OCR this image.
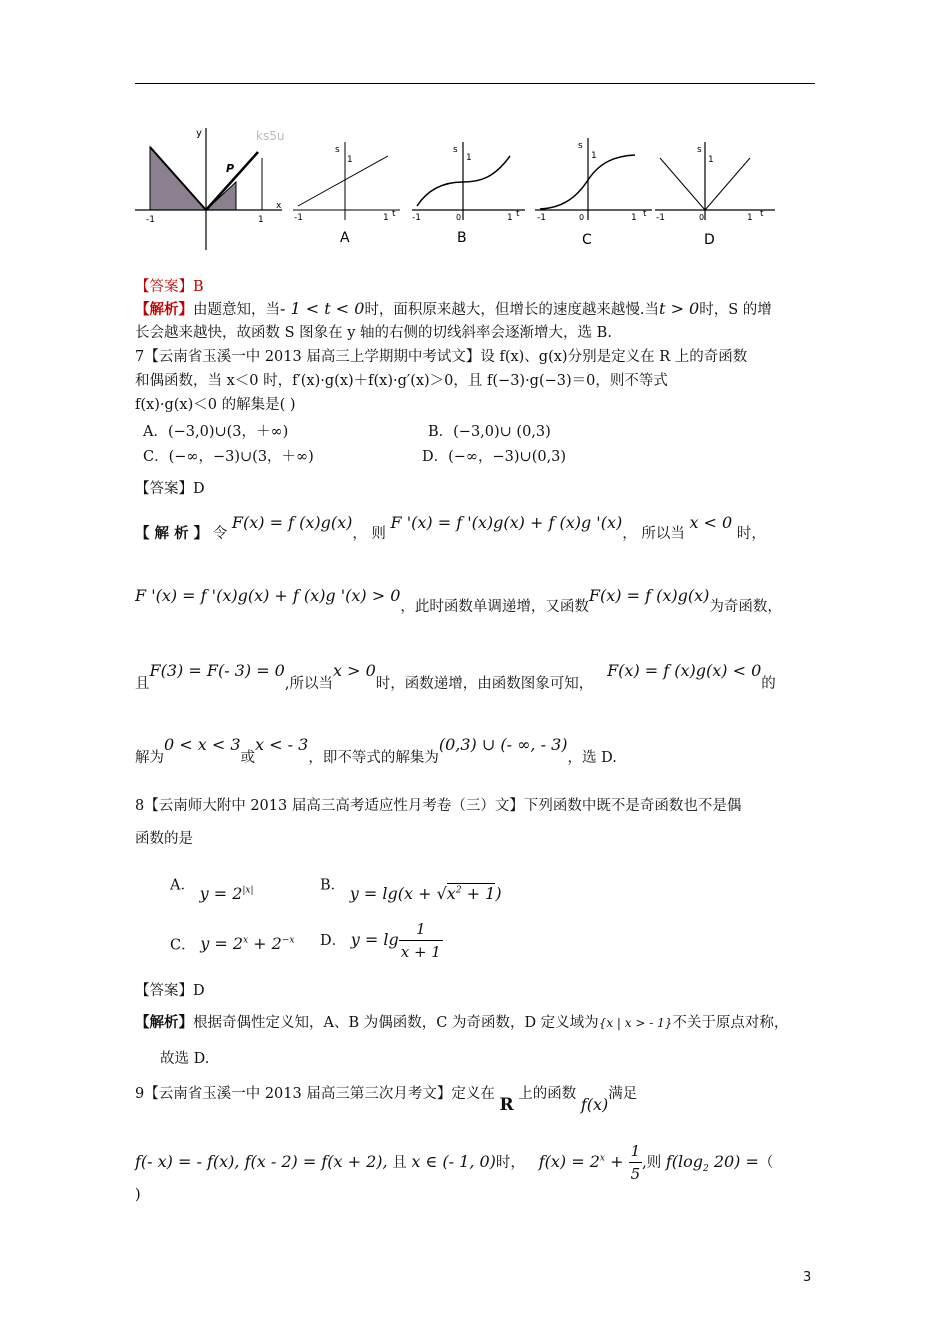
y
x
-1	1
P
ks5u
s
1
-1	1 t
A
s
1
-1	0	1 t
B
s
1
-1	0	1 t
C
s
1
-1	0	1 t
D
【答案】B
【解析】由题意知，当- 1 < t < 0时，面积原来越大，但增长的速度越来越慢.当t > 0时，S 的增
长会越来越快，故函数 S 图象在 y 轴的右侧的切线斜率会逐渐增大，选 B.
7【云南省玉溪一中 2013 届高三上学期期中考试文】设 f(x)、g(x)分别是定义在 R 上的奇函数
和偶函数，当 x＜0 时，f′(x)·g(x)＋f(x)·g′(x)＞0，且 f(−3)·g(−3)＝0，则不等式
f(x)·g(x)＜0 的解集是( )
A．(−3,0)∪(3，＋∞)	B．(−3,0)∪ (0,3)
C．(−∞，−3)∪(3，＋∞)	D．(−∞，−3)∪(0,3)
【答案】D
【 解 析 】 令 F(x) = f (x)g(x)， 则 F '(x) = f '(x)g(x) + f (x)g '(x)， 所以当 x < 0 时，
F '(x) = f '(x)g(x) + f (x)g '(x) > 0，此时函数单调递增，又函数F(x) = f (x)g(x)为奇函数，
且F(3) = F(- 3) = 0,所以当x > 0时，函数递增，由函数图象可知，   F(x) = f (x)g(x) < 0的
解为0 < x < 3或x < - 3，即不等式的解集为(0,3) ∪ (- ∞, - 3)，选 D.
8【云南师大附中 2013 届高三高考适应性月考卷（三）文】下列函数中既不是奇函数也不是偶
函数的是
A． $y = 2^{|x|}$	B． $y = \lg(x + √x^2 + 1)$
C． $y = 2^x + 2^{-x}$ D． $y = \lg \frac{1}{x + 1}$
【答案】D
【解析】根据奇偶性定义知，A、B 为偶函数，C 为奇函数，D 定义域为{x | x > - 1}不关于原点对称，
故选 D.
9【云南省玉溪一中 2013 届高三第三次月考文】定义在 R 上的函数 f(x)满足
f(- x) = - f(x), f(x - 2) = f(x + 2), 且 x ∈ (- 1, 0)时， $f(x) = 2^x + \frac{1}{5}$ ,则 $f(\log_2$ 20) =（
)
3
